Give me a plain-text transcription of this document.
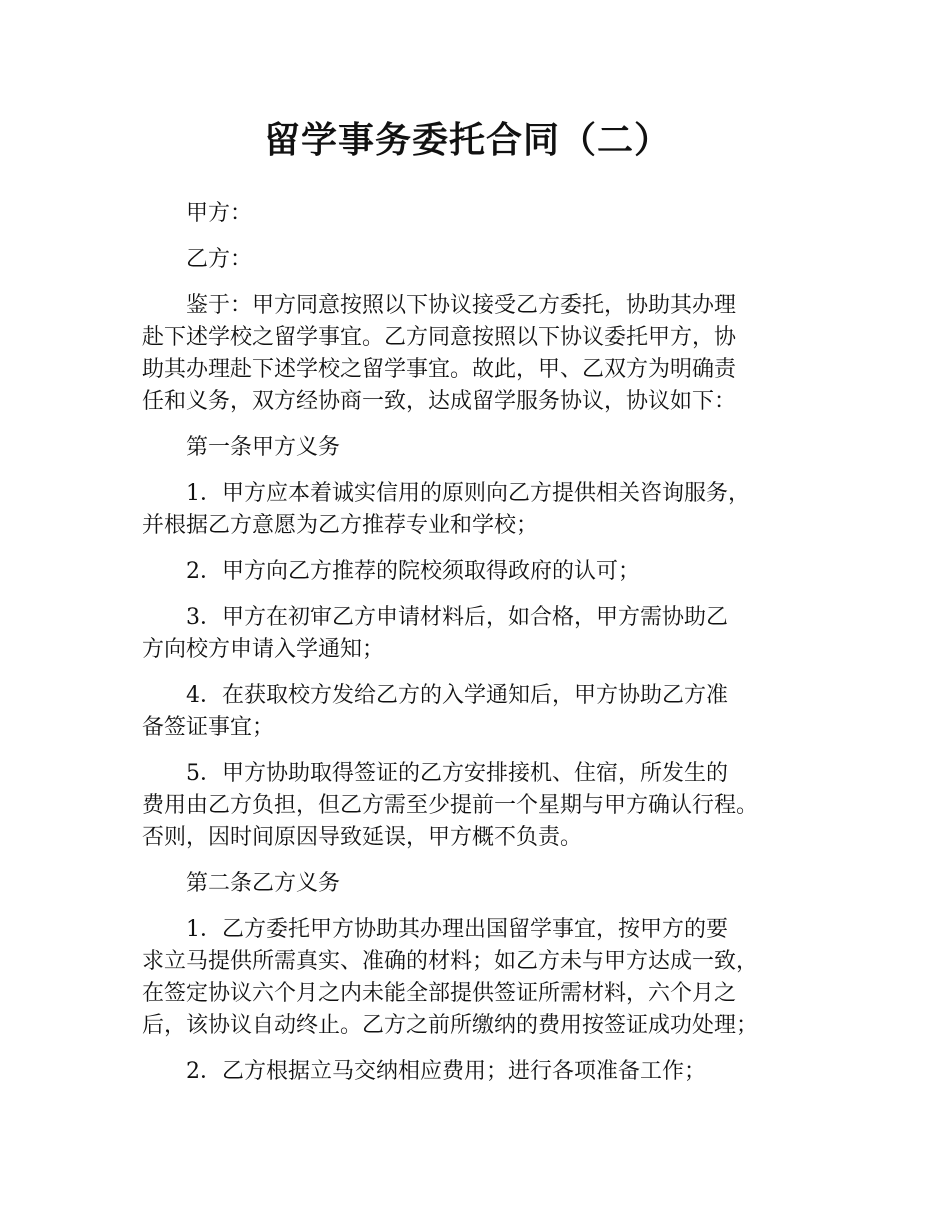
留学事务委托合同（二）

甲方：

乙方：

鉴于：甲方同意按照以下协议接受乙方委托，协助其办理
赴下述学校之留学事宜。乙方同意按照以下协议委托甲方，协
助其办理赴下述学校之留学事宜。故此，甲、乙双方为明确责
任和义务，双方经协商一致，达成留学服务协议，协议如下：

第一条甲方义务

1．甲方应本着诚实信用的原则向乙方提供相关咨询服务，
并根据乙方意愿为乙方推荐专业和学校；

2．甲方向乙方推荐的院校须取得政府的认可；

3．甲方在初审乙方申请材料后，如合格，甲方需协助乙
方向校方申请入学通知；

4．在获取校方发给乙方的入学通知后，甲方协助乙方准
备签证事宜；

5．甲方协助取得签证的乙方安排接机、住宿，所发生的
费用由乙方负担，但乙方需至少提前一个星期与甲方确认行程。
否则，因时间原因导致延误，甲方概不负责。

第二条乙方义务

1．乙方委托甲方协助其办理出国留学事宜，按甲方的要
求立马提供所需真实、准确的材料；如乙方未与甲方达成一致，
在签定协议六个月之内未能全部提供签证所需材料，六个月之
后，该协议自动终止。乙方之前所缴纳的费用按签证成功处理；

2．乙方根据立马交纳相应费用；进行各项准备工作；
